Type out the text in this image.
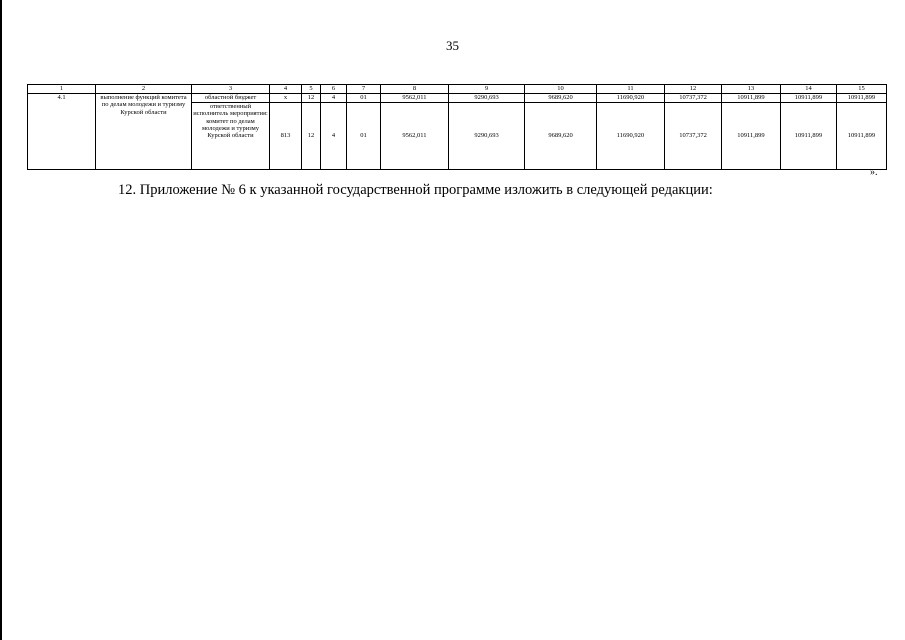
35
1	2	3	4	5	6	7	8	9	10	11	12	13	14	15
4.1	выполнение функций комитета по делам молодежи и туризму Курской области	областной бюджет	х	12	4	01	9562,011	9290,693	9689,620	11690,920	10737,372	10911,899	10911,899	10911,899
		ответственный исполнитель мероприятия: комитет по делам молодежи и туризму Курской области	813	12	4	01	9562,011	9290,693	9689,620	11690,920	10737,372	10911,899	10911,899	10911,899
».
12. Приложение № 6 к указанной государственной программе изложить в следующей редакции:
